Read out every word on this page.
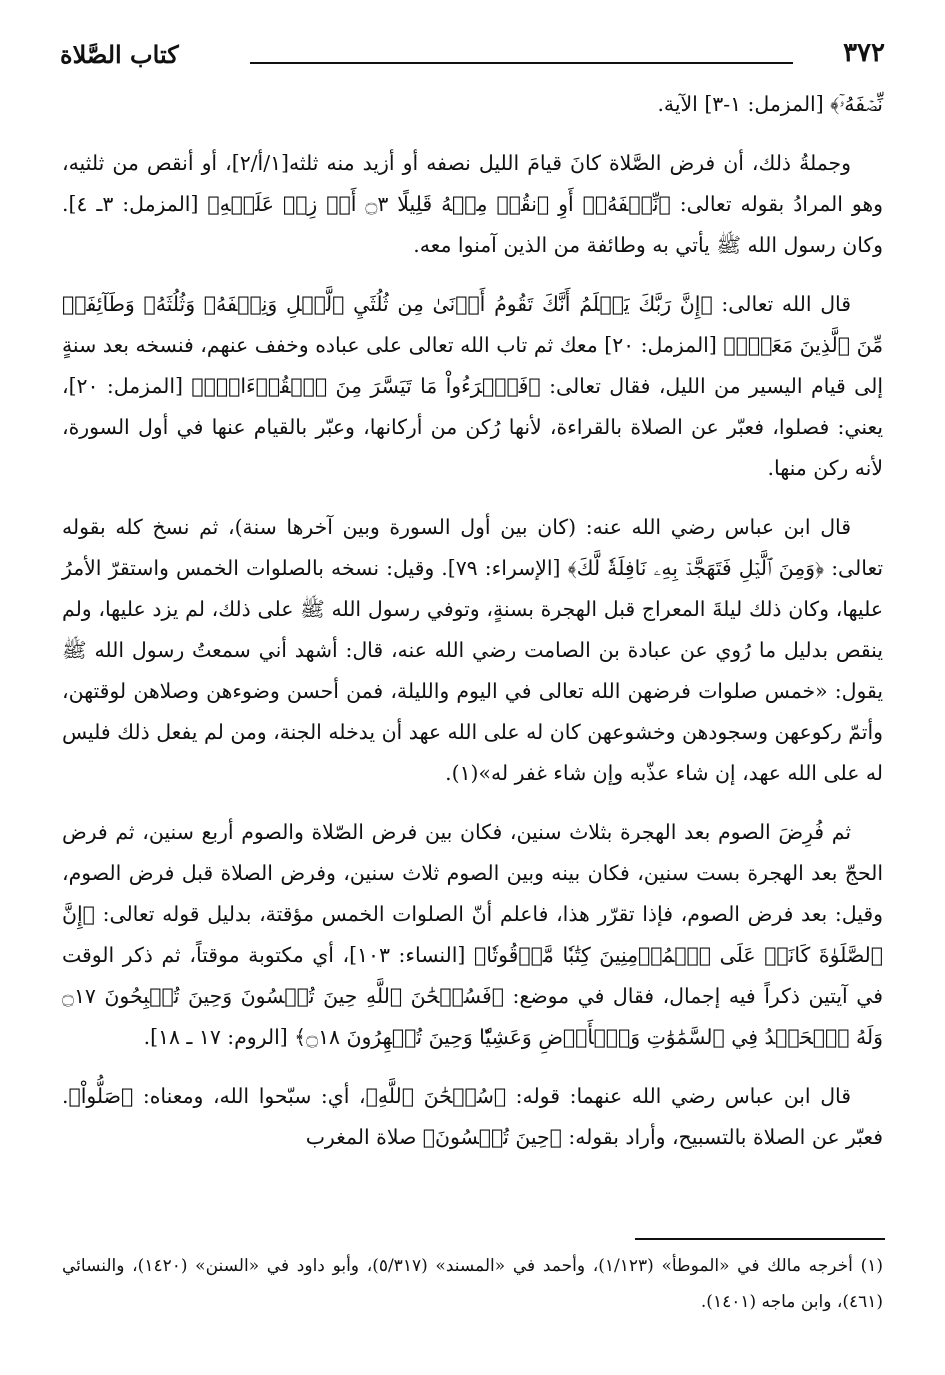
٣٧٢
كتاب الصَّلاة

نِّصۡفَهُۥٓ﴾ [المزمل: ١-٣] الآية.

وجملةُ ذلك، أن فرض الصَّلاة كانَ قيامَ الليل نصفه أو أزيد منه ثلثه[١/أ/٢]، أو أنقص من ثلثيه، وهو المرادُ بقوله تعالى: ﴿نِّصۡفَهُۥٓ أَوِ ٱنقُصۡ مِنۡهُ قَلِيلًا ۝٣ أَوۡ زِدۡ عَلَيۡهِ﴾ [المزمل: ٣ـ ٤]. وكان رسول الله ﷺ يأتي به وطائفة من الذين آمنوا معه.

قال الله تعالى: ﴿إِنَّ رَبَّكَ يَعۡلَمُ أَنَّكَ تَقُومُ أَدۡنَىٰ مِن ثُلُثَيِ ٱلَّيۡلِ وَنِصۡفَهُۥ وَثُلُثَهُۥ وَطَآئِفَةٞ مِّنَ ٱلَّذِينَ مَعَكَۚ﴾ [المزمل: ٢٠] معك ثم تاب الله تعالى على عباده وخفف عنهم، فنسخه بعد سنةٍ إلى قيام اليسير من الليل، فقال تعالى: ﴿فَٱقۡرَءُواْ مَا تَيَسَّرَ مِنَ ٱلۡقُرۡءَانِۚ﴾ [المزمل: ٢٠]، يعني: فصلوا، فعبّر عن الصلاة بالقراءة، لأنها رُكن من أركانها، وعبّر بالقيام عنها في أول السورة، لأنه ركن منها.

قال ابن عباس رضي الله عنه: (كان بين أول السورة وبين آخرها سنة)، ثم نسخ كله بقوله تعالى: ﴿وَمِنَ ٱلَّيۡلِ فَتَهَجَّدۡ بِهِۦ نَافِلَةٗ لَّكَ﴾ [الإسراء: ٧٩]. وقيل: نسخه بالصلوات الخمس واستقرّ الأمرُ عليها، وكان ذلك ليلةَ المعراج قبل الهجرة بسنةٍ، وتوفي رسول الله ﷺ على ذلك، لم يزد عليها، ولم ينقص بدليل ما رُوي عن عبادة بن الصامت رضي الله عنه، قال: أشهد أني سمعتُ رسول الله ﷺ يقول: «خمس صلوات فرضهن الله تعالى في اليوم والليلة، فمن أحسن وضوءهن وصلاهن لوقتهن، وأتمّ ركوعهن وسجودهن وخشوعهن كان له على الله عهد أن يدخله الجنة، ومن لم يفعل ذلك فليس له على الله عهد، إن شاء عذّبه وإن شاء غفر له»(١).

ثم فُرِضَ الصوم بعد الهجرة بثلاث سنين، فكان بين فرض الصّلاة والصوم أربع سنين، ثم فرض الحجّ بعد الهجرة بست سنين، فكان بينه وبين الصوم ثلاث سنين، وفرض الصلاة قبل فرض الصوم، وقيل: بعد فرض الصوم، فإذا تقرّر هذا، فاعلم أنّ الصلوات الخمس مؤقتة، بدليل قوله تعالى: ﴿إِنَّ ٱلصَّلَوٰةَ كَانَتۡ عَلَى ٱلۡمُؤۡمِنِينَ كِتَٰبٗا مَّوۡقُوتٗا﴾ [النساء: ١٠٣]، أي مكتوبة موقتاً، ثم ذكر الوقت في آيتين ذكراً فيه إجمال، فقال في موضع: ﴿فَسُبۡحَٰنَ ٱللَّهِ حِينَ تُمۡسُونَ وَحِينَ تُصۡبِحُونَ ۝١٧ وَلَهُ ٱلۡحَمۡدُ فِي ٱلسَّمَٰوَٰتِ وَٱلۡأَرۡضِ وَعَشِيّٗا وَحِينَ تُظۡهِرُونَ ۝١٨﴾ [الروم: ١٧ ـ ١٨].

قال ابن عباس رضي الله عنهما: قوله: ﴿سُبۡحَٰنَ ٱللَّهِ﴾، أي: سبّحوا الله، ومعناه: ﴿صَلُّواْ﴾. فعبّر عن الصلاة بالتسبيح، وأراد بقوله: ﴿حِينَ تُمۡسُونَ﴾ صلاة المغرب

(١) أخرجه مالك في «الموطأ» (١/١٢٣)، وأحمد في «المسند» (٥/٣١٧)، وأبو داود في «السنن» (١٤٢٠)، والنسائي (٤٦١)، وابن ماجه (١٤٠١).
